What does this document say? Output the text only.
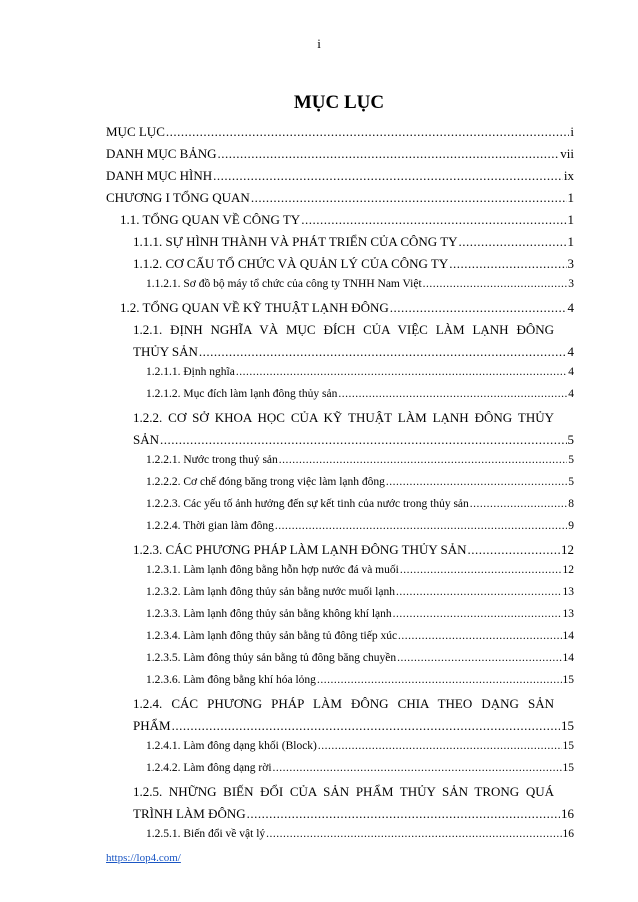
i
MỤC LỤC
MỤC LỤC .....	i
DANH MỤC BẢNG .....	vii
DANH MỤC HÌNH .....	ix
CHƯƠNG I TỔNG QUAN .....	1
1.1. TỔNG QUAN VỀ CÔNG TY .....	1
1.1.1. SỰ HÌNH THÀNH VÀ PHÁT TRIỂN CỦA CÔNG TY .....	1
1.1.2. CƠ CẤU TỔ CHỨC VÀ QUẢN LÝ CỦA CÔNG TY .....	3
1.1.2.1. Sơ đồ bộ máy tổ chức của công ty TNHH Nam Việt .....	3
1.2. TỔNG QUAN VỀ KỸ THUẬT LẠNH ĐÔNG .....	4
1.2.1. ĐỊNH NGHĨA VÀ MỤC ĐÍCH CỦA VIỆC LÀM LẠNH ĐÔNG
THỦY SẢN .....	4
1.2.1.1. Định nghĩa .....	4
1.2.1.2. Mục đích làm lạnh đông thủy sản .....	4
1.2.2. CƠ SỞ KHOA HỌC CỦA KỸ THUẬT LÀM LẠNH ĐÔNG THỦY
SẢN .....	5
1.2.2.1. Nước trong thuỷ sản .....	5
1.2.2.2. Cơ chế đóng băng trong việc làm lạnh đông .....	5
1.2.2.3. Các yếu tố ảnh hưởng đến sự kết tinh của nước trong thủy sản .....	8
1.2.2.4. Thời gian làm đông .....	9
1.2.3. CÁC PHƯƠNG PHÁP LÀM LẠNH ĐÔNG THỦY SẢN .....	12
1.2.3.1. Làm lạnh đông bằng hỗn hợp nước đá và muối .....	12
1.2.3.2. Làm lạnh đông thủy sản bằng nước muối lạnh .....	13
1.2.3.3. Làm lạnh đông thủy sản bằng không khí lạnh .....	13
1.2.3.4. Làm lạnh đông thủy sản bằng tủ đông tiếp xúc .....	14
1.2.3.5. Làm đông thủy sản bằng tủ đông băng chuyền .....	14
1.2.3.6. Làm đông bằng khí hóa lỏng .....	15
1.2.4. CÁC PHƯƠNG PHÁP LÀM ĐÔNG CHIA THEO DẠNG SẢN
PHẨM .....	15
1.2.4.1. Làm đông dạng khối (Block) .....	15
1.2.4.2. Làm đông dạng rời .....	15
1.2.5. NHỮNG BIẾN ĐỔI CỦA SẢN PHẨM THỦY SẢN TRONG QUÁ
TRÌNH LÀM ĐÔNG .....	16
1.2.5.1. Biến đổi về vật lý .....	16
https://lop4.com/
